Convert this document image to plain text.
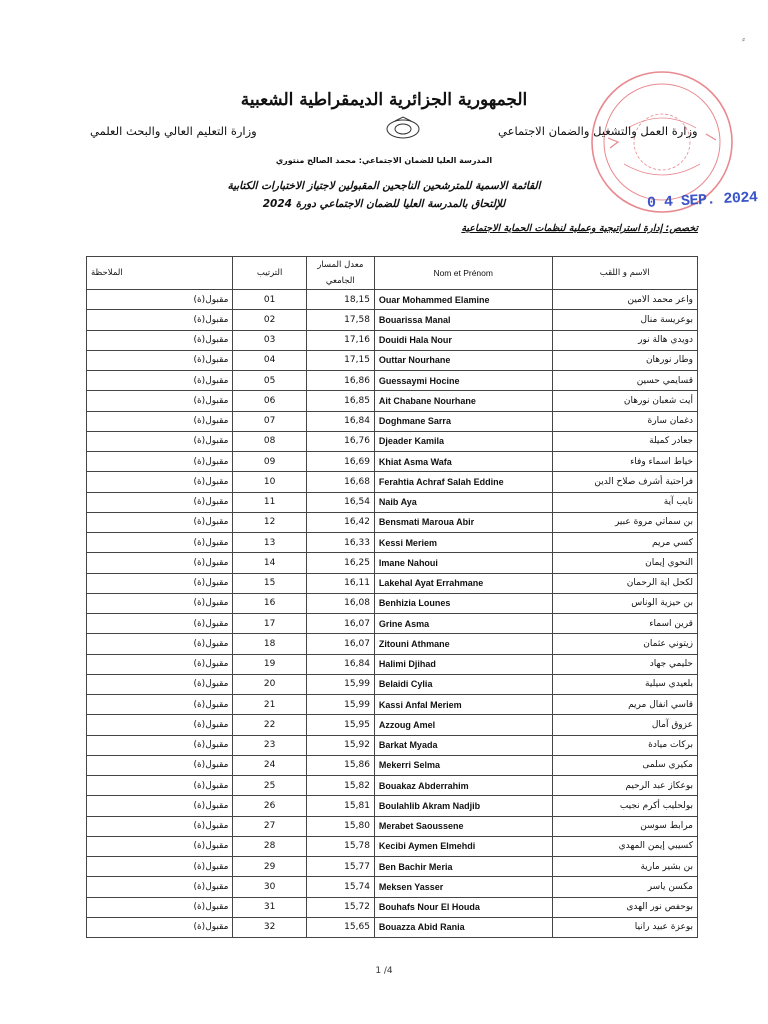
⸗
0 4 SEP. 2024
الجمهورية الجزائرية الديمقراطية الشعبية
وزارة العمل والتشغيل والضمان الاجتماعي
وزارة التعليم العالي والبحث العلمي
المدرسة العليا للضمان الاجتماعي: محمد الصالح منتوري
القائمة الاسمية للمترشحين الناجحين المقبولين لاجتياز الاختبارات الكتابية
للإلتحاق بالمدرسة العليا للضمان الاجتماعي دورة 2024
تخصص: إدارة استراتيجية وعملية لنظمات الحماية الاجتماعية
الملاحظة	الترتيب	معدل المسار الجامعي	Nom et Prénom	الاسم و اللقب
مقبول(ة)	01	18,15	Ouar Mohammed Elamine	واعر محمد الامين
مقبول(ة)	02	17,58	Bouarissa Manal	بوعريسة منال
مقبول(ة)	03	17,16	Douidi Hala Nour	دويدي هالة نور
مقبول(ة)	04	17,15	Outtar Nourhane	وطار نورهان
مقبول(ة)	05	16,86	Guessaymi Hocine	قسايمي حسين
مقبول(ة)	06	16,85	Ait Chabane Nourhane	أيت شعبان نورهان
مقبول(ة)	07	16,84	Doghmane Sarra	دغمان سارة
مقبول(ة)	08	16,76	Djeader Kamila	جعادر كميلة
مقبول(ة)	09	16,69	Khiat Asma Wafa	خياط اسماء وفاء
مقبول(ة)	10	16,68	Ferahtia Achraf Salah Eddine	فراحتية أشرف صلاح الدين
مقبول(ة)	11	16,54	Naib Aya	نايب آية
مقبول(ة)	12	16,42	Bensmati Maroua Abir	بن سماتي مروة عبير
مقبول(ة)	13	16,33	Kessi Meriem	كسي مريم
مقبول(ة)	14	16,25	Imane Nahoui	النحوي إيمان
مقبول(ة)	15	16,11	Lakehal Ayat Errahmane	لكحل اية الرحمان
مقبول(ة)	16	16,08	Benhizia Lounes	بن حيزية الوناس
مقبول(ة)	17	16,07	Grine Asma	قرين اسماء
مقبول(ة)	18	16,07	Zitouni Athmane	زيتوني عثمان
مقبول(ة)	19	16,84	Halimi Djihad	حليمي جهاد
مقبول(ة)	20	15,99	Belaidi Cylia	بلعيدي سيلية
مقبول(ة)	21	15,99	Kassi Anfal Meriem	قاسي انفال مريم
مقبول(ة)	22	15,95	Azzoug Amel	عزوق آمال
مقبول(ة)	23	15,92	Barkat Myada	بركات ميادة
مقبول(ة)	24	15,86	Mekerri Selma	مكيري سلمى
مقبول(ة)	25	15,82	Bouakaz Abderrahim	بوعكاز عبد الرحيم
مقبول(ة)	26	15,81	Boulahlib Akram Nadjib	بولحليب أكرم نجيب
مقبول(ة)	27	15,80	Merabet Saoussene	مرابط سوسن
مقبول(ة)	28	15,78	Kecibi Aymen Elmehdi	كسيبي إيمن المهدي
مقبول(ة)	29	15,77	Ben Bachir Meria	بن بشير مارية
مقبول(ة)	30	15,74	Meksen Yasser	مكسن ياسر
مقبول(ة)	31	15,72	Bouhafs Nour El Houda	بوحفص نور الهدى
مقبول(ة)	32	15,65	Bouazza Abid Rania	بوعزة عبيد رانيا
1 /4
